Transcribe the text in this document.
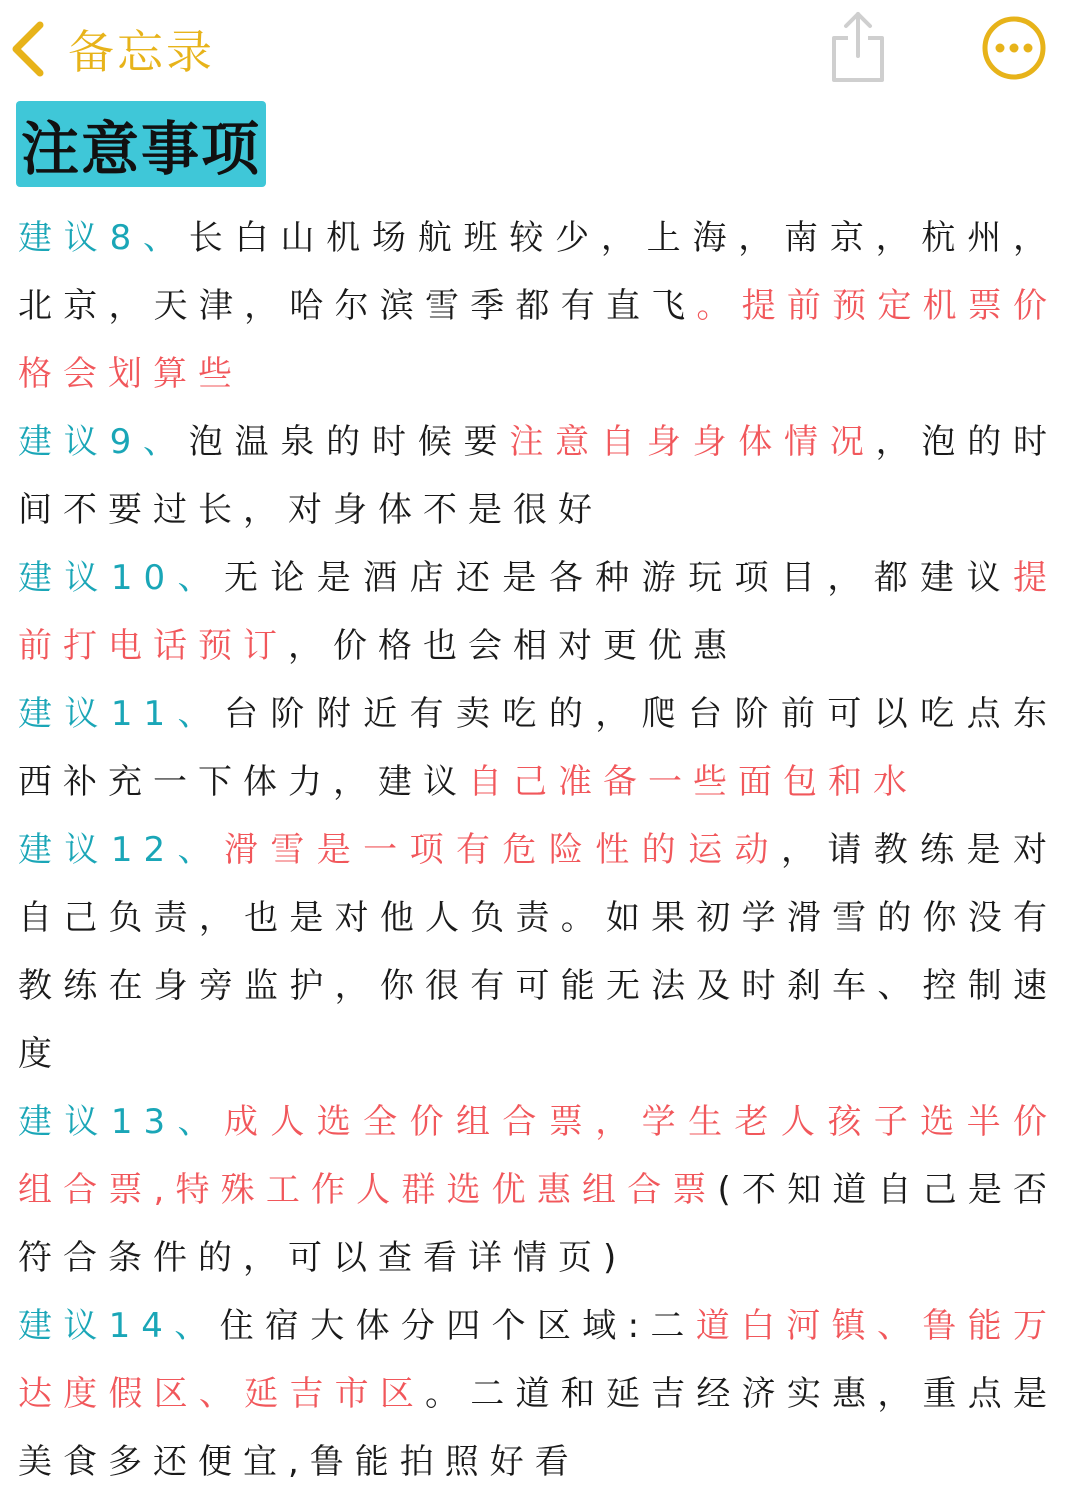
备忘录
注意事项

建议8、长白山机场航班较少，上海，南京，杭州，北京，天津，哈尔滨雪季都有直飞。提前预定机票价格会划算些

建议9、泡温泉的时候要注意自身身体情况，泡的时间不要过长，对身体不是很好

建议10、无论是酒店还是各种游玩项目，都建议提前打电话预订，价格也会相对更优惠

建议11、台阶附近有卖吃的，爬台阶前可以吃点东西补充一下体力，建议自己准备一些面包和水

建议12、滑雪是一项有危险性的运动，请教练是对自己负责，也是对他人负责。如果初学滑雪的你没有教练在身旁监护，你很有可能无法及时刹车、控制速度

建议13、成人选全价组合票，学生老人孩子选半价组合票,特殊工作人群选优惠组合票(不知道自己是否符合条件的，可以查看详情页)

建议14、住宿大体分四个区域:二道白河镇、鲁能万达度假区、延吉市区。二道和延吉经济实惠，重点是美食多还便宜,鲁能拍照好看
